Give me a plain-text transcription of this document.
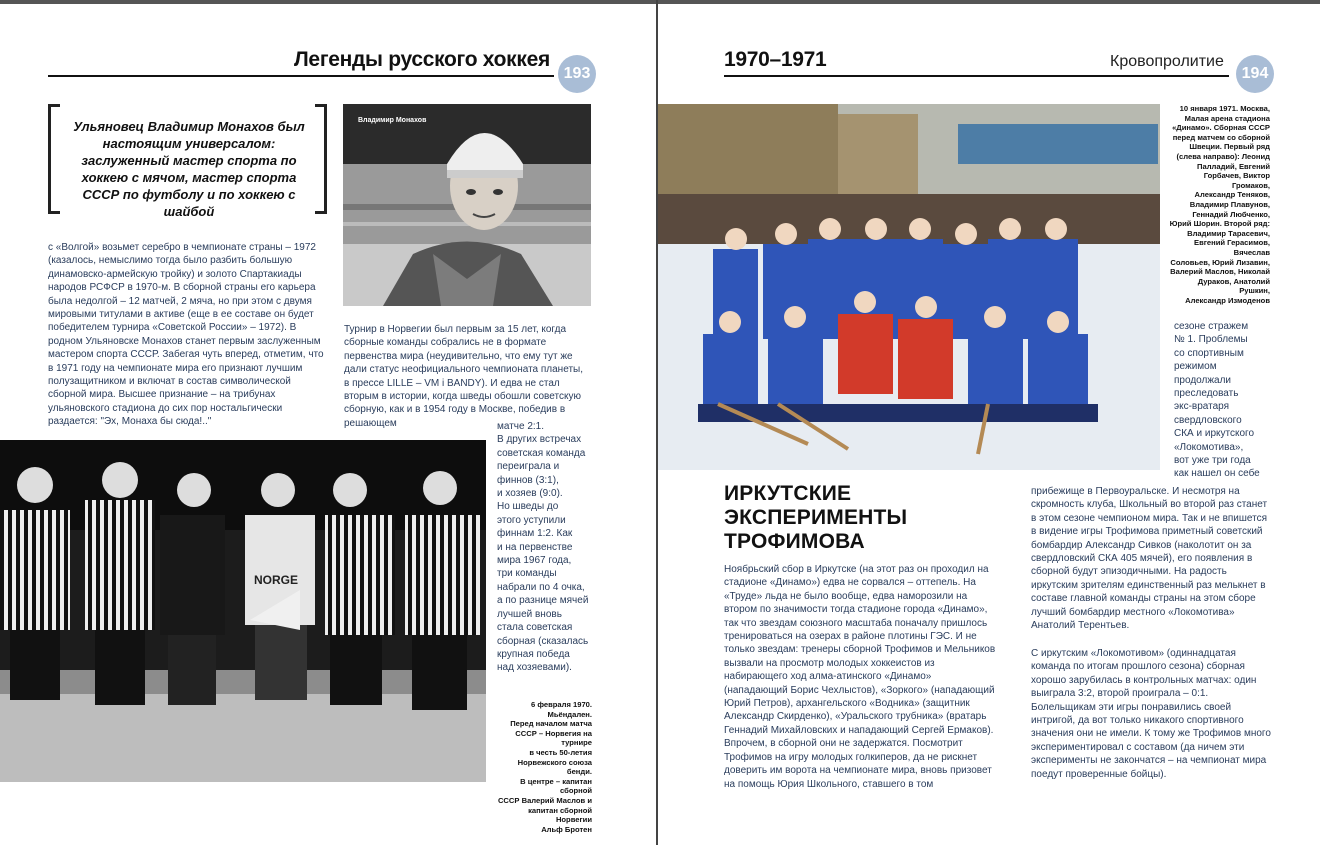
Легенды русского хоккея
193
Ульяновец Владимир Монахов был настоящим универсалом: заслуженный мастер спорта по хоккею с мячом, мастер спорта СССР по футболу и по хоккею с шайбой
Владимир Монахов
с «Волгой» возьмет серебро в чемпионате страны – 1972 (казалось, немыслимо тогда было разбить большую динамовско-армейскую тройку) и золото Спартакиады народов РСФСР в 1970-м. В сборной страны его карьера была недолгой – 12 матчей, 2 мяча, но при этом с двумя мировыми титулами в активе (еще в ее составе он будет победителем турнира «Советской России» – 1972). В родном Ульяновске Монахов станет первым заслуженным мастером спорта СССР. Забегая чуть вперед, отметим, что в 1971 году на чемпионате мира его признают лучшим полузащитником и включат в состав символической сборной мира. Высшее признание – на трибунах ульяновского стадиона до сих пор ностальгически раздается: "Эх, Монаха бы сюда!.."
Турнир в Норвегии был первым за 15 лет, когда сборные команды собрались не в формате первенства мира (неудивительно, что ему тут же дали статус неофициального чемпионата планеты, в прессе LILLE – VM i BANDY). И едва не стал вторым в истории, когда шведы обошли советскую сборную, как и в 1954 году в Москве, победив в решающем	матче 2:1.

В других встречах

советская команда

переиграла и

финнов (3:1),

и хозяев (9:0).

Но шведы до

этого уступили

финнам 1:2. Как

и на первенстве

мира 1967 года,

три команды

набрали по 4 очка,

а по разнице мячей

лучшей вновь

стала советская

сборная (сказалась

крупная победа

над хозяевами).

NORGE
6 февраля 1970. Мьёндален.
Перед началом матча
СССР – Норвегия на турнире
в честь 50-летия
Норвежского союза бенди.
В центре – капитан сборной
СССР Валерий Маслов и
капитан сборной Норвегии
Альф Бротен
1970–1971	Кровопролитие
194
10 января 1971. Москва,
Малая арена стадиона
«Динамо». Сборная СССР
перед матчем со сборной
Швеции. Первый ряд
(слева направо): Леонид
Палладий, Евгений
Горбачев, Виктор Громаков,
Александр Теняков,
Владимир Плавунов,
Геннадий Любченко,
Юрий Шорин. Второй ряд:
Владимир Тарасевич,
Евгений Герасимов, Вячеслав
Соловьев, Юрий Лизавин,
Валерий Маслов, Николай
Дураков, Анатолий Рушкин,
Александр Измоденов

сезоне стражем

№ 1. Проблемы

со спортивным

режимом

продолжали

преследовать

экс-вратаря

свердловского

СКА и иркутского

«Локомотива»,

вот уже три года

как нашел он себе

ИРКУТСКИЕ
ЭКСПЕРИМЕНТЫ
ТРОФИМОВА
Ноябрьский сбор в Иркутске (на этот раз он проходил на стадионе «Динамо») едва не сорвался – оттепель. На «Труде» льда не было вообще, едва наморозили на втором по значимости тогда стадионе города «Динамо», так что звездам союзного масштаба поначалу пришлось тренироваться на озерах в районе плотины ГЭС. И не только звездам: тренеры сборной Трофимов и Мельников вызвали на просмотр молодых хоккеистов из набирающего ход алма-атинского «Динамо» (нападающий Борис Чехлыстов), «Зоркого» (нападающий Юрий Петров), архангельского «Водника» (защитник Александр Скирденко), «Уральского трубника» (вратарь Геннадий Михайловских и нападающий Сергей Ермаков). Впрочем, в сборной они не задержатся. Посмотрит Трофимов на игру молодых голкиперов, да не рискнет доверить им ворота на чемпионате мира, вновь призовет на помощь Юрия Школьного, ставшего в том
прибежище в Первоуральске. И несмотря на скромность клуба, Школьный во второй раз станет в этом сезоне чемпионом мира. Так и не впишется в видение игры Трофимова приметный советский бомбардир Александр Сивков (наколотит он за свердловский СКА 405 мячей), его появления в сборной будут эпизодичными. На радость иркутским зрителям единственный раз мелькнет в составе главной команды страны на этом сборе лучший бомбардир местного «Локомотива» Анатолий Терентьев.
С иркутским «Локомотивом» (одиннадцатая команда по итогам прошлого сезона) сборная хорошо зарубилась в контрольных матчах: один выиграла 3:2, второй проиграла – 0:1. Болельщикам эти игры понравились своей интригой, да вот только никакого спортивного значения они не имели. К тому же Трофимов много экспериментировал с составом (да ничем эти эксперименты не закончатся – на чемпионат мира поедут проверенные бойцы).
